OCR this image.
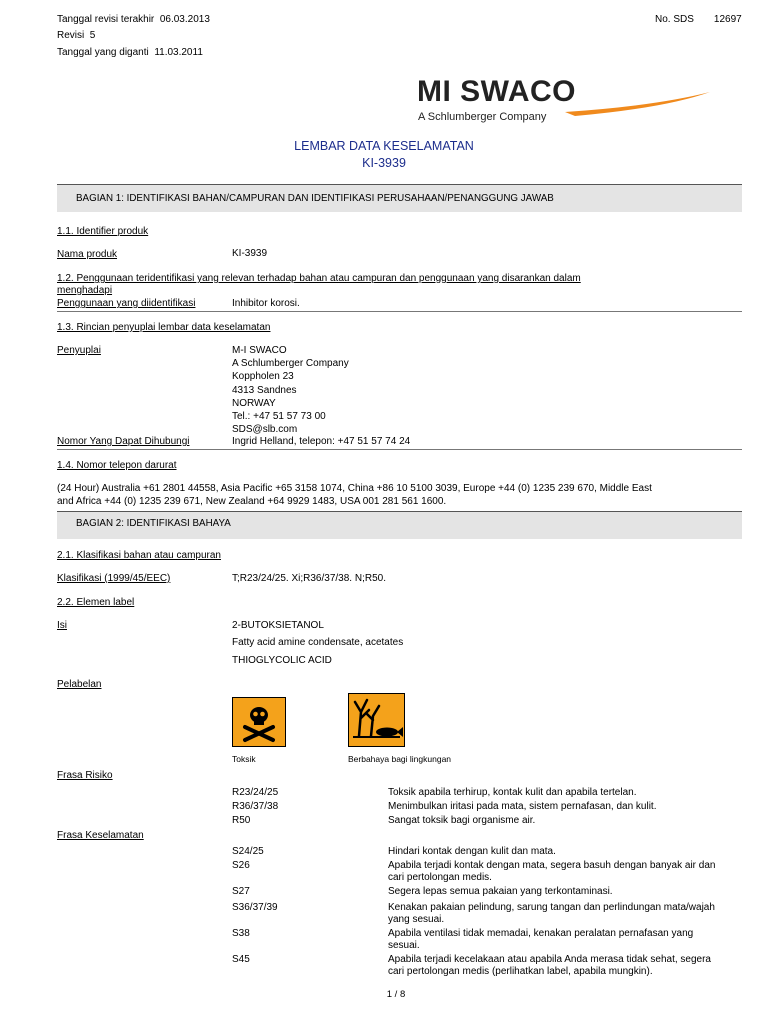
Tanggal revisi terakhir 06.03.2013
Revisi 5
Tanggal yang diganti 11.03.2011
No. SDS 12697
MI SWACO
A Schlumberger Company
LEMBAR DATA KESELAMATAN
KI-3939
BAGIAN 1: IDENTIFIKASI BAHAN/CAMPURAN DAN IDENTIFIKASI PERUSAHAAN/PENANGGUNG JAWAB
1.1. Identifier produk
Nama produk	KI-3939
1.2. Penggunaan teridentifikasi yang relevan terhadap bahan atau campuran dan penggunaan yang disarankan dalam
menghadapi
Penggunaan yang diidentifikasi	Inhibitor korosi.
1.3. Rincian penyuplai lembar data keselamatan
Penyuplai	M-I SWACO
A Schlumberger Company
Koppholen 23
4313 Sandnes
NORWAY
Tel.: +47 51 57 73 00
SDS@slb.com
Nomor Yang Dapat Dihubungi	Ingrid Helland, telepon: +47 51 57 74 24
1.4. Nomor telepon darurat
(24 Hour) Australia +61 2801 44558, Asia Pacific +65 3158 1074, China +86 10 5100 3039, Europe +44 (0) 1235 239 670, Middle East
and Africa +44 (0) 1235 239 671, New Zealand +64 9929 1483, USA 001 281 561 1600.
BAGIAN 2: IDENTIFIKASI BAHAYA
2.1. Klasifikasi bahan atau campuran
Klasifikasi (1999/45/EEC)	T;R23/24/25. Xi;R36/37/38. N;R50.
2.2. Elemen label
Isi	2-BUTOKSIETANOL
Fatty acid amine condensate, acetates
THIOGLYCOLIC ACID
Pelabelan
Toksik	Berbahaya bagi lingkungan
Frasa Risiko
R23/24/25	Toksik apabila terhirup, kontak kulit dan apabila tertelan.
R36/37/38	Menimbulkan iritasi pada mata, sistem pernafasan, dan kulit.
R50	Sangat toksik bagi organisme air.
Frasa Keselamatan
S24/25	Hindari kontak dengan kulit dan mata.
S26	Apabila terjadi kontak dengan mata, segera basuh dengan banyak air dan
cari pertolongan medis.
S27	Segera lepas semua pakaian yang terkontaminasi.
S36/37/39	Kenakan pakaian pelindung, sarung tangan dan perlindungan mata/wajah
yang sesuai.
S38	Apabila ventilasi tidak memadai, kenakan peralatan pernafasan yang
sesuai.
S45	Apabila terjadi kecelakaan atau apabila Anda merasa tidak sehat, segera
cari pertolongan medis (perlihatkan label, apabila mungkin).
1 / 8
